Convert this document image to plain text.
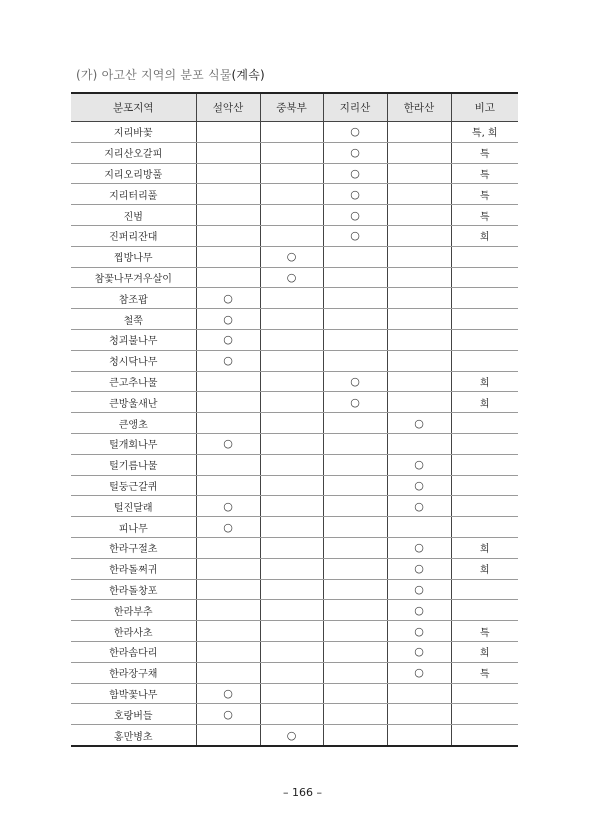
(가) 아고산 지역의 분포 식물(계속)
분포지역	설악산	중북부	지리산	한라산	비고
지리바꽃			○		특, 희
지리산오갈피			○		특
지리오리방풀			○		특
지리터리풀			○		특
진범			○		특
진퍼리잔대			○		희
찝방나무		○			
참꽃나무겨우살이		○			
참조팝	○				
철쭉	○				
청괴불나무	○				
청시닥나무	○				
큰고추나물			○		희
큰방울새난			○		희
큰앵초				○	
털개회나무	○				
털기름나물				○	
털둥근갈퀴				○	
털진달래	○			○	
피나무	○				
한라구절초				○	희
한라돌쩌귀				○	희
한라돌창포				○	
한라부추				○	
한라사초				○	특
한라솜다리				○	희
한라장구채				○	특
함박꽃나무	○				
호랑버들	○				
홍만병초		○			
– 166 –
